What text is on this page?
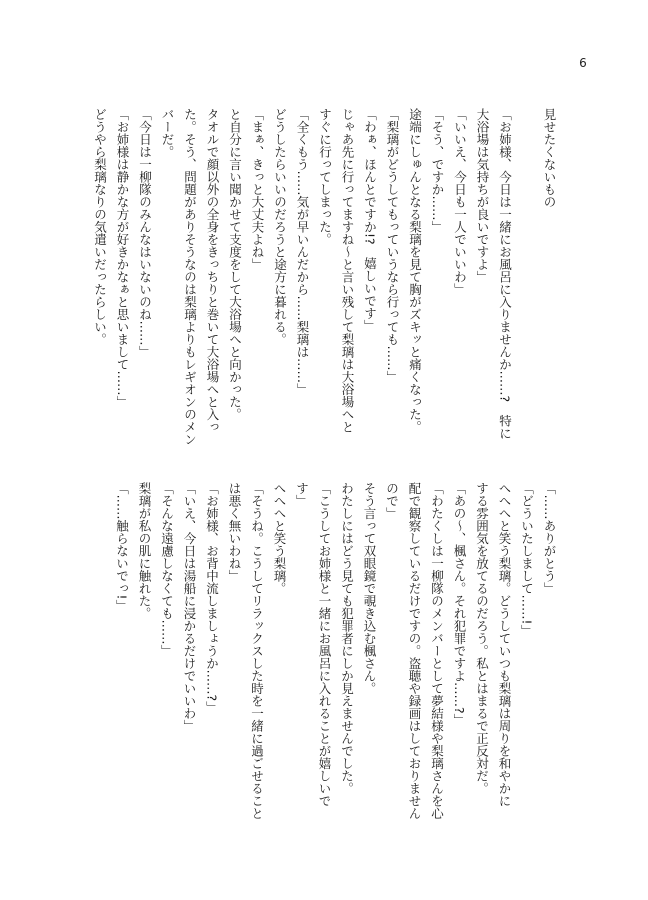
6
見せたくないもの
「お姉様、今日は一緒にお風呂に入りませんか……?　特に
大浴場は気持ちが良いですよ」
「いいえ、今日も一人でいいわ」
「そう、ですか……」
途端にしゅんとなる梨璃を見て胸がズキッと痛くなった。
「梨璃がどうしてもっていうなら行っても……」
「わぁ、ほんとですか!?　嬉しいです」
じゃあ先に行ってますね〜と言い残して梨璃は大浴場へと
すぐに行ってしまった。
「全くもう……気が早いんだから……梨璃は……」
どうしたらいいのだろうと途方に暮れる。
「まぁ、きっと大丈夫よね」
と自分に言い聞かせて支度をして大浴場へと向かった。
タオルで顔以外の全身をきっちりと巻いて大浴場へと入っ
た。そう、問題がありそうなのは梨璃よりもレギオンのメン
バーだ。
「今日は一柳隊のみんなはいないのね……」
「お姉様は静かな方が好きかなぁと思いまして……」
どうやら梨璃なりの気遣いだったらしい。
「……ありがとう」
「どういたしまして……!」
へへへと笑う梨璃。どうしていつも梨璃は周りを和やかに
する雰囲気を放てるのだろう。私とはまるで正反対だ。
「あの〜、楓さん。それ犯罪ですよ……?」
「わたくしは一柳隊のメンバーとして夢結様や梨璃さんを心
配で観察しているだけですの。盗聴や録画はしておりません
ので」
そう言って双眼鏡で覗き込む楓さん。
わたしにはどう見ても犯罪者にしか見えませんでした。
「こうしてお姉様と一緒にお風呂に入れることが嬉しいで
す」
へへへと笑う梨璃。
「そうね。こうしてリラックスした時を一緒に過ごせること
は悪く無いわね」
「お姉様、お背中流しましょうか……?」
「いえ、今日は湯船に浸かるだけでいいわ」
「そんな遠慮しなくても……」
梨璃が私の肌に触れた。
「……触らないでっ!」
